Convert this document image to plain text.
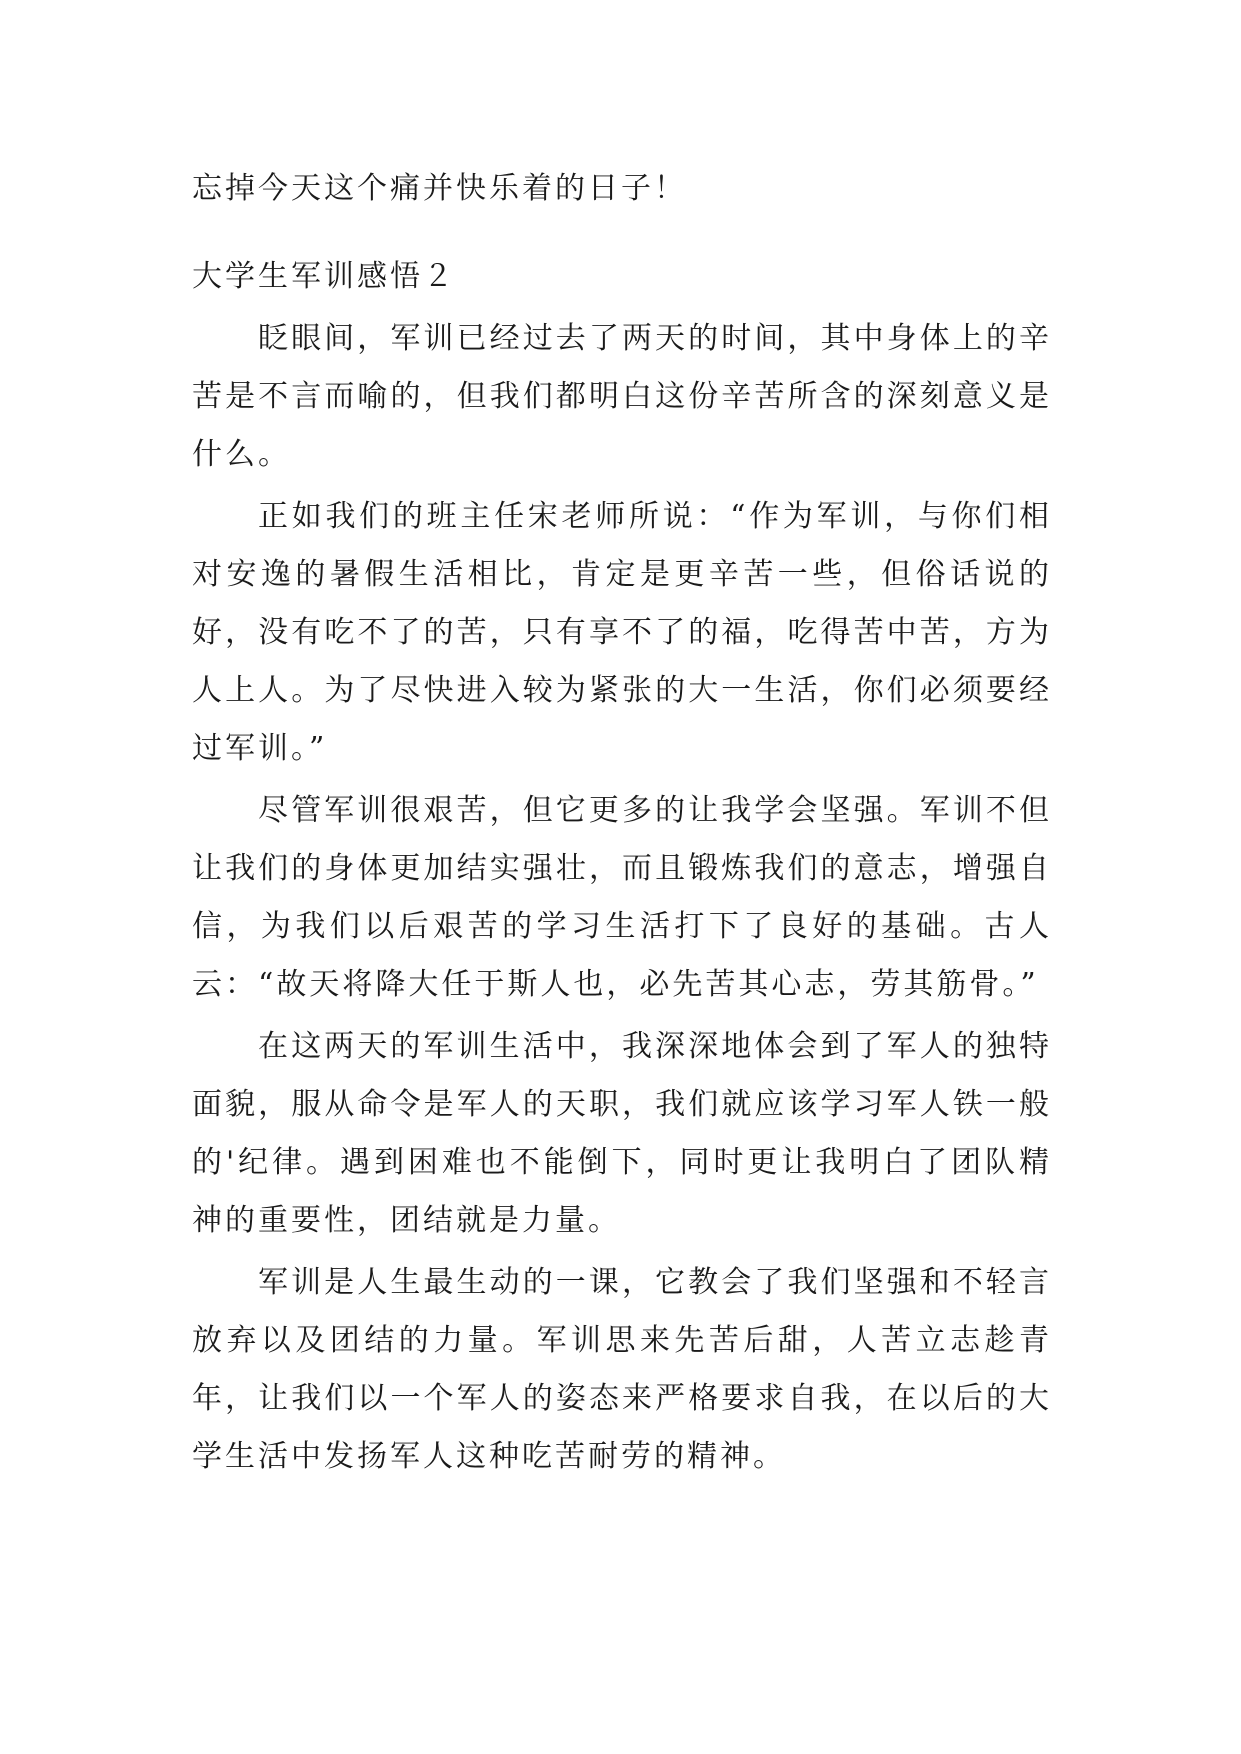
忘掉今天这个痛并快乐着的日子！

大学生军训感悟２

眨眼间，军训已经过去了两天的时间，其中身体上的辛苦是不言而喻的，但我们都明白这份辛苦所含的深刻意义是什么。

正如我们的班主任宋老师所说：“作为军训，与你们相对安逸的暑假生活相比，肯定是更辛苦一些，但俗话说的好，没有吃不了的苦，只有享不了的福，吃得苦中苦，方为人上人。为了尽快进入较为紧张的大一生活，你们必须要经过军训。”

尽管军训很艰苦，但它更多的让我学会坚强。军训不但让我们的身体更加结实强壮，而且锻炼我们的意志，增强自信，为我们以后艰苦的学习生活打下了良好的基础。古人云：“故天将降大任于斯人也，必先苦其心志，劳其筋骨。”

在这两天的军训生活中，我深深地体会到了军人的独特面貌，服从命令是军人的天职，我们就应该学习军人铁一般的'纪律。遇到困难也不能倒下，同时更让我明白了团队精神的重要性，团结就是力量。

军训是人生最生动的一课，它教会了我们坚强和不轻言放弃以及团结的力量。军训思来先苦后甜，人苦立志趁青年，让我们以一个军人的姿态来严格要求自我，在以后的大学生活中发扬军人这种吃苦耐劳的精神。
